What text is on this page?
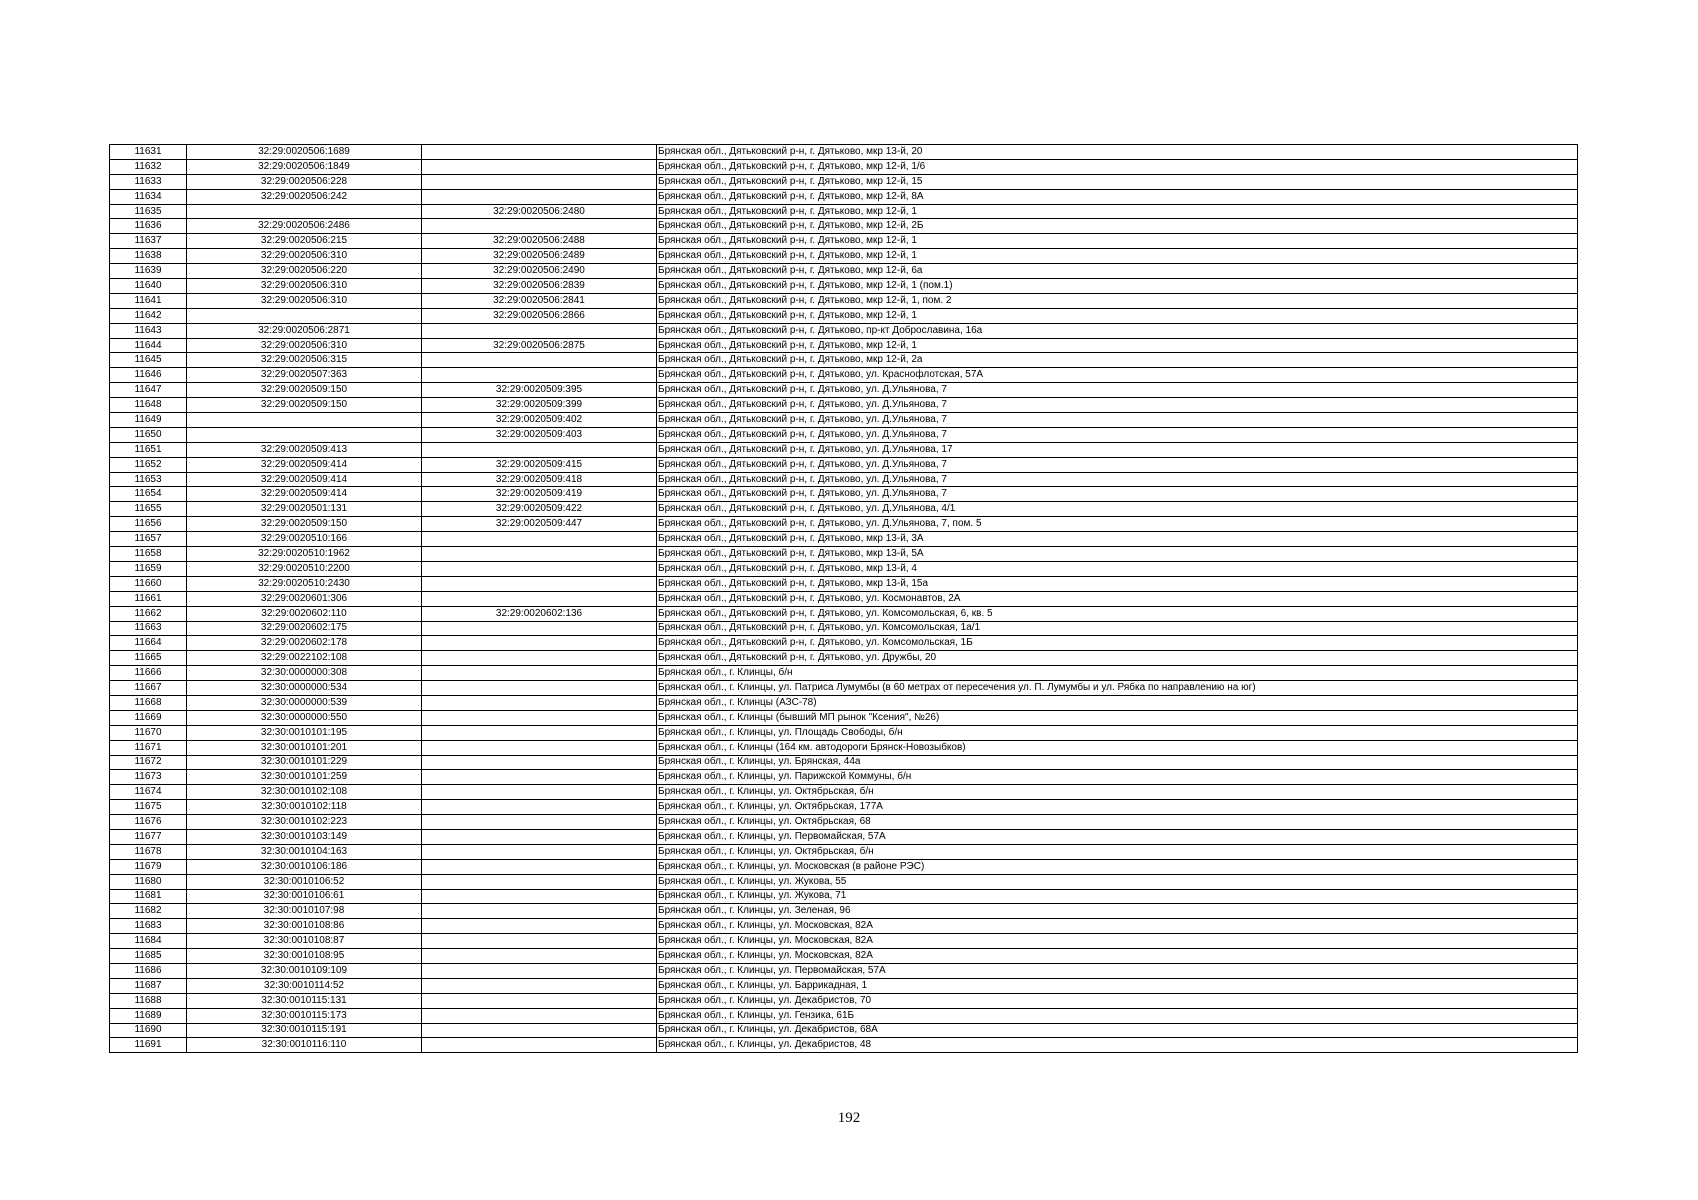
11631	32:29:0020506:1689		Брянская обл., Дятьковский р-н, г. Дятьково, мкр 13-й, 20
11632	32:29:0020506:1849		Брянская обл., Дятьковский р-н, г. Дятьково, мкр 12-й, 1/6
11633	32:29:0020506:228		Брянская обл., Дятьковский р-н, г. Дятьково, мкр 12-й, 15
11634	32:29:0020506:242		Брянская обл., Дятьковский р-н, г. Дятьково, мкр 12-й, 8А
11635		32:29:0020506:2480	Брянская обл., Дятьковский р-н, г. Дятьково, мкр 12-й, 1
11636	32:29:0020506:2486		Брянская обл., Дятьковский р-н, г. Дятьково, мкр 12-й, 2Б
11637	32:29:0020506:215	32:29:0020506:2488	Брянская обл., Дятьковский р-н, г. Дятьково, мкр 12-й, 1
11638	32:29:0020506:310	32:29:0020506:2489	Брянская обл., Дятьковский р-н, г. Дятьково, мкр 12-й, 1
11639	32:29:0020506:220	32:29:0020506:2490	Брянская обл., Дятьковский р-н, г. Дятьково, мкр 12-й, 6а
11640	32:29:0020506:310	32:29:0020506:2839	Брянская обл., Дятьковский р-н, г. Дятьково, мкр 12-й, 1 (пом.1)
11641	32:29:0020506:310	32:29:0020506:2841	Брянская обл., Дятьковский р-н, г. Дятьково, мкр 12-й, 1, пом. 2
11642		32:29:0020506:2866	Брянская обл., Дятьковский р-н, г. Дятьково, мкр 12-й, 1
11643	32:29:0020506:2871		Брянская обл., Дятьковский р-н, г. Дятьково, пр-кт Доброславина, 16а
11644	32:29:0020506:310	32:29:0020506:2875	Брянская обл., Дятьковский р-н, г. Дятьково, мкр 12-й, 1
11645	32:29:0020506:315		Брянская обл., Дятьковский р-н, г. Дятьково, мкр 12-й, 2а
11646	32:29:0020507:363		Брянская обл., Дятьковский р-н, г. Дятьково, ул. Краснофлотская, 57А
11647	32:29:0020509:150	32:29:0020509:395	Брянская обл., Дятьковский р-н, г. Дятьково, ул. Д.Ульянова, 7
11648	32:29:0020509:150	32:29:0020509:399	Брянская обл., Дятьковский р-н, г. Дятьково, ул. Д.Ульянова, 7
11649		32:29:0020509:402	Брянская обл., Дятьковский р-н, г. Дятьково, ул. Д.Ульянова, 7
11650		32:29:0020509:403	Брянская обл., Дятьковский р-н, г. Дятьково, ул. Д.Ульянова, 7
11651	32:29:0020509:413		Брянская обл., Дятьковский р-н, г. Дятьково, ул. Д.Ульянова, 17
11652	32:29:0020509:414	32:29:0020509:415	Брянская обл., Дятьковский р-н, г. Дятьково, ул. Д.Ульянова, 7
11653	32:29:0020509:414	32:29:0020509:418	Брянская обл., Дятьковский р-н, г. Дятьково, ул. Д.Ульянова, 7
11654	32:29:0020509:414	32:29:0020509:419	Брянская обл., Дятьковский р-н, г. Дятьково, ул. Д.Ульянова, 7
11655	32:29:0020501:131	32:29:0020509:422	Брянская обл., Дятьковский р-н, г. Дятьково, ул. Д.Ульянова, 4/1
11656	32:29:0020509:150	32:29:0020509:447	Брянская обл., Дятьковский р-н, г. Дятьково, ул. Д.Ульянова, 7, пом. 5
11657	32:29:0020510:166		Брянская обл., Дятьковский р-н, г. Дятьково, мкр 13-й, 3А
11658	32:29:0020510:1962		Брянская обл., Дятьковский р-н, г. Дятьково, мкр 13-й, 5А
11659	32:29:0020510:2200		Брянская обл., Дятьковский р-н, г. Дятьково, мкр 13-й, 4
11660	32:29:0020510:2430		Брянская обл., Дятьковский р-н, г. Дятьково, мкр 13-й, 15а
11661	32:29:0020601:306		Брянская обл., Дятьковский р-н, г. Дятьково, ул. Космонавтов, 2А
11662	32:29:0020602:110	32:29:0020602:136	Брянская обл., Дятьковский р-н, г. Дятьково, ул. Комсомольская, 6, кв. 5
11663	32:29:0020602:175		Брянская обл., Дятьковский р-н, г. Дятьково, ул. Комсомольская, 1а/1
11664	32:29:0020602:178		Брянская обл., Дятьковский р-н, г. Дятьково, ул. Комсомольская, 1Б
11665	32:29:0022102:108		Брянская обл., Дятьковский р-н, г. Дятьково, ул. Дружбы, 20
11666	32:30:0000000:308		Брянская обл., г. Клинцы, б/н
11667	32:30:0000000:534		Брянская обл., г. Клинцы, ул. Патриса Лумумбы (в 60 метрах от пересечения ул. П. Лумумбы и ул. Рябка по направлению на юг)
11668	32:30:0000000:539		Брянская обл., г. Клинцы (АЗС-78)
11669	32:30:0000000:550		Брянская обл., г. Клинцы (бывший МП рынок "Ксения", №26)
11670	32:30:0010101:195		Брянская обл., г. Клинцы, ул. Площадь Свободы, б/н
11671	32:30:0010101:201		Брянская обл., г. Клинцы (164 км. автодороги Брянск-Новозыбков)
11672	32:30:0010101:229		Брянская обл., г. Клинцы, ул. Брянская, 44а
11673	32:30:0010101:259		Брянская обл., г. Клинцы, ул. Парижской Коммуны, б/н
11674	32:30:0010102:108		Брянская обл., г. Клинцы, ул. Октябрьская, б/н
11675	32:30:0010102:118		Брянская обл., г. Клинцы, ул. Октябрьская, 177А
11676	32:30:0010102:223		Брянская обл., г. Клинцы, ул. Октябрьская, 68
11677	32:30:0010103:149		Брянская обл., г. Клинцы, ул. Первомайская, 57А
11678	32:30:0010104:163		Брянская обл., г. Клинцы, ул. Октябрьская, б/н
11679	32:30:0010106:186		Брянская обл., г. Клинцы, ул. Московская (в районе РЭС)
11680	32:30:0010106:52		Брянская обл., г. Клинцы, ул. Жукова, 55
11681	32:30:0010106:61		Брянская обл., г. Клинцы, ул. Жукова, 71
11682	32:30:0010107:98		Брянская обл., г. Клинцы, ул. Зеленая, 96
11683	32:30:0010108:86		Брянская обл., г. Клинцы, ул. Московская, 82А
11684	32:30:0010108:87		Брянская обл., г. Клинцы, ул. Московская, 82А
11685	32:30:0010108:95		Брянская обл., г. Клинцы, ул. Московская, 82А
11686	32:30:0010109:109		Брянская обл., г. Клинцы, ул. Первомайская, 57А
11687	32:30:0010114:52		Брянская обл., г. Клинцы, ул. Баррикадная, 1
11688	32:30:0010115:131		Брянская обл., г. Клинцы, ул. Декабристов, 70
11689	32:30:0010115:173		Брянская обл., г. Клинцы, ул. Гензика, 61Б
11690	32:30:0010115:191		Брянская обл., г. Клинцы, ул. Декабристов, 68А
11691	32:30:0010116:110		Брянская обл., г. Клинцы, ул. Декабристов, 48
192
